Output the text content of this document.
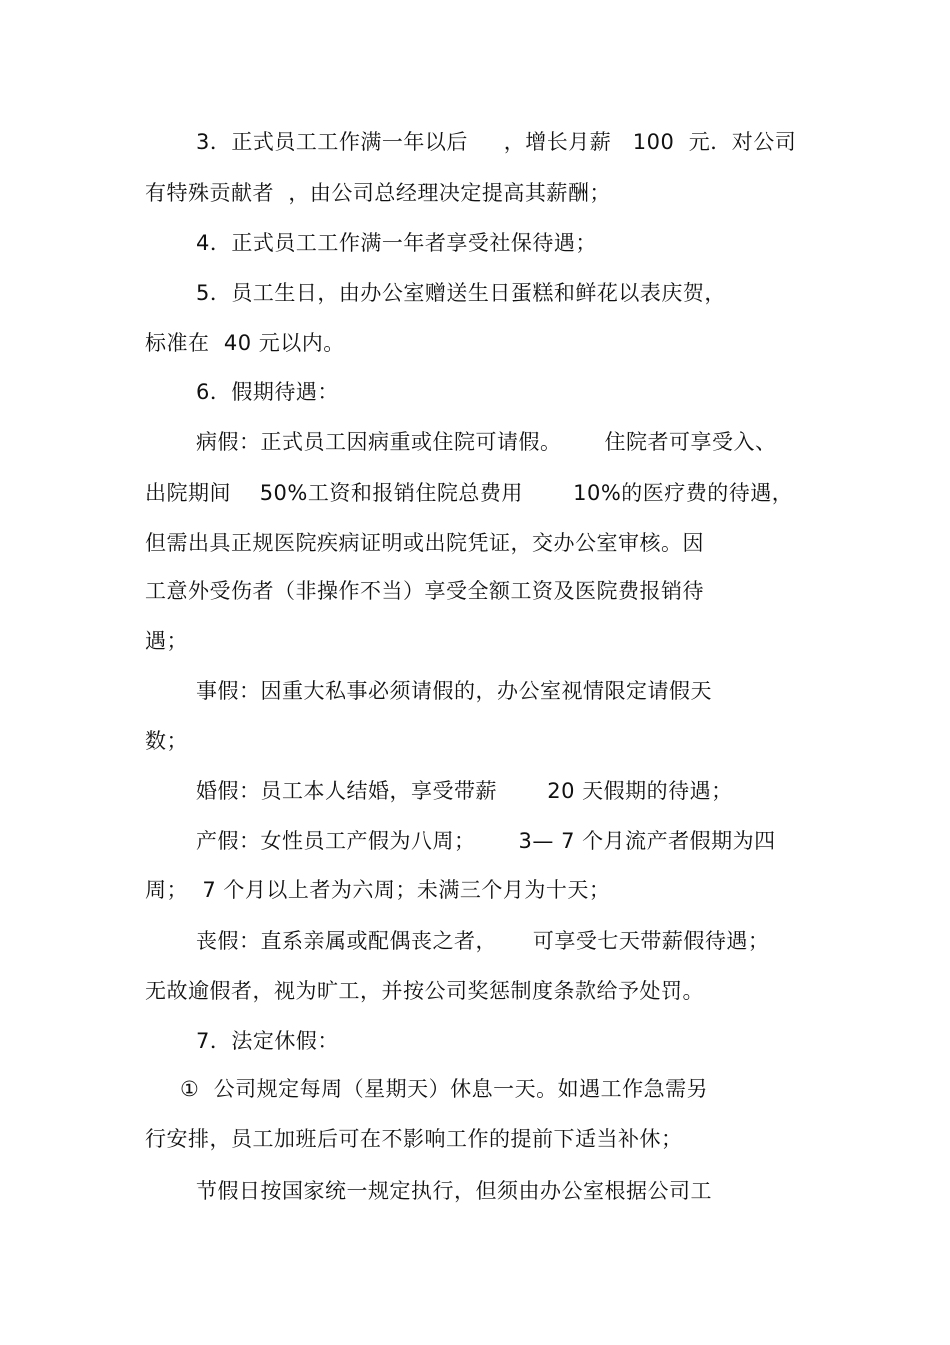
3．正式员工工作满一年以后     ，增长月薪   100  元．对公司
有特殊贡献者  ，由公司总经理决定提高其薪酬；
4．正式员工工作满一年者享受社保待遇；
5．员工生日，由办公室赠送生日蛋糕和鲜花以表庆贺，
标准在  40 元以内。
6．假期待遇：
病假：正式员工因病重或住院可请假。      住院者可享受入、
出院期间    50%工资和报销住院总费用       10%的医疗费的待遇，
但需出具正规医院疾病证明或出院凭证，交办公室审核。因
工意外受伤者（非操作不当）享受全额工资及医院费报销待
遇；
事假：因重大私事必须请假的，办公室视情限定请假天
数；
婚假：员工本人结婚，享受带薪       20 天假期的待遇；
产假：女性员工产假为八周；      3— 7 个月流产者假期为四
周；  7 个月以上者为六周；未满三个月为十天；
丧假：直系亲属或配偶丧之者，     可享受七天带薪假待遇；
无故逾假者，视为旷工，并按公司奖惩制度条款给予处罚。
7．法定休假：
①  公司规定每周（星期天）休息一天。如遇工作急需另
行安排，员工加班后可在不影响工作的提前下适当补休；
节假日按国家统一规定执行，但须由办公室根据公司工
